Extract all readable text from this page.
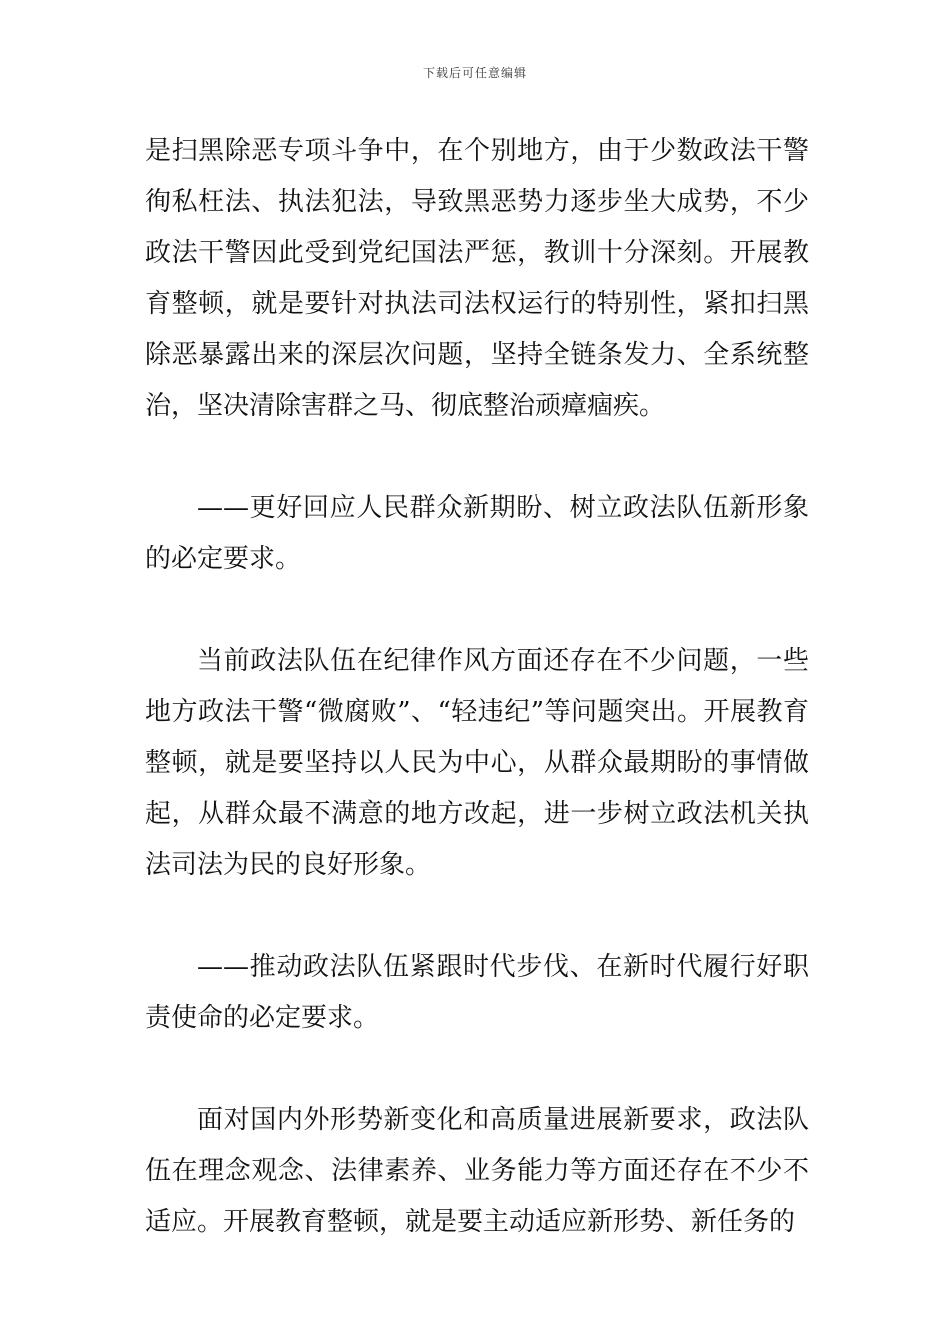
下载后可任意编辑

是扫黑除恶专项斗争中，在个别地方，由于少数政法干警徇私枉法、执法犯法，导致黑恶势力逐步坐大成势，不少政法干警因此受到党纪国法严惩，教训十分深刻。开展教育整顿，就是要针对执法司法权运行的特别性，紧扣扫黑除恶暴露出来的深层次问题，坚持全链条发力、全系统整治，坚决清除害群之马、彻底整治顽瘴痼疾。

——更好回应人民群众新期盼、树立政法队伍新形象的必定要求。

当前政法队伍在纪律作风方面还存在不少问题，一些地方政法干警“微腐败”、“轻违纪”等问题突出。开展教育整顿，就是要坚持以人民为中心，从群众最期盼的事情做起，从群众最不满意的地方改起，进一步树立政法机关执法司法为民的良好形象。

——推动政法队伍紧跟时代步伐、在新时代履行好职责使命的必定要求。

面对国内外形势新变化和高质量进展新要求，政法队伍在理念观念、法律素养、业务能力等方面还存在不少不适应。开展教育整顿，就是要主动适应新形势、新任务的
